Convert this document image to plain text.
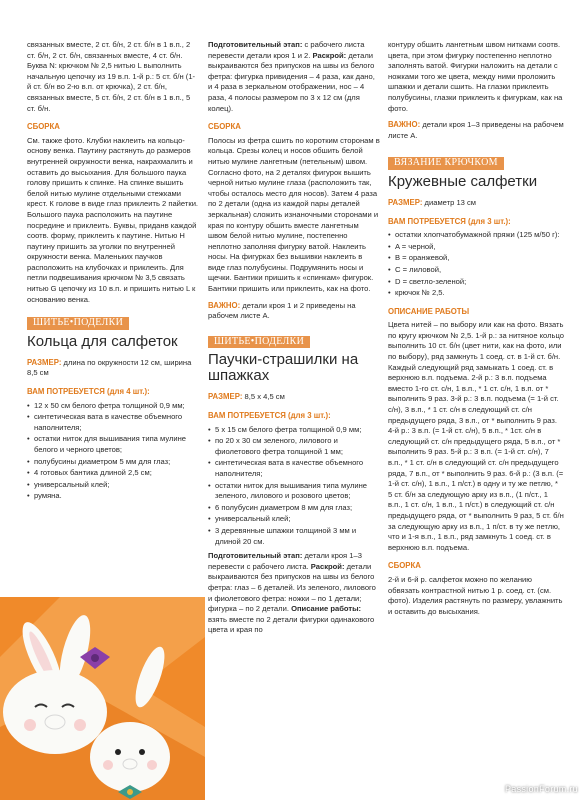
связанных вместе, 2 ст. б/н, 2 ст. б/н в 1 в.п., 2 ст. б/н, 2 ст. б/н, связанных вместе, 4 ст. б/н. Буква N: крючком № 2,5 нитью L выполнить начальную цепочку из 19 в.п. 1-й р.: 5 ст. б/н (1-й ст. б/н во 2-ю в.п. от крючка), 2 ст. б/н, связанных вместе, 5 ст. б/н, 2 ст. б/н в 1 в.п., 5 ст. б/н.

СБОРКА

См. также фото. Клубки наклеить на кольцо-основу венка. Паутину растянуть до размеров внутренней окружности венка, накрахмалить и оставить до высыхания. Для большого паука голову пришить к спинке. На спинке вышить белой нитью мулине отдельными стежками крест. К голове в виде глаз приклеить 2 пайетки. Большого паука расположить на паутине посредине и приклеить. Буквы, приданв каждой соотв. форму, приклеить к паутине. Нитью H паутину пришить за уголки по внутренней окружности венка. Маленьких паучков расположить на клубочках и приклеить. Для петли подвешивания крючком № 3,5 связать нитью G цепочку из 10 в.п. и пришить нитью L к основанию венка.

ШИТЬЕ•ПОДЕЛКИ
Кольца для салфеток

РАЗМЕР: длина по окружности 12 см, ширина 8,5 см

ВАМ ПОТРЕБУЕТСЯ (для 4 шт.):
• 12 x 50 см белого фетра толщиной 0,9 мм;
• синтетическая вата в качестве объемного наполнителя;
• остатки ниток для вышивания типа мулине белого и черного цветов;
• полубусины диаметром 5 мм для глаз;
• 4 готовых бантика длиной 2,5 см;
• универсальный клей;
• румяна.

Подготовительный этап: с рабочего листа перевести детали кроя 1 и 2. Раскрой: детали выкраиваются без припусков на швы из белого фетра: фигурка привидения – 4 раза, как дано, и 4 раза в зеркальном отображении, нос – 4 раза, 4 полосы размером по 3 x 12 см (для колец).

СБОРКА

Полосы из фетра сшить по коротким сторонам в кольца. Срезы колец и носов обшить белой нитью мулине лангетным (петельным) швом. Согласно фото, на 2 деталях фигурок вышить черной нитью мулине глаза (расположить так, чтобы осталось место для носов). Затем 4 раза по 2 детали (одна из каждой пары деталей зеркальная) сложить изнаночными сторонами и края по контуру обшить вместе лангетным швом белой нитью мулине, постепенно неплотно заполняя фигурку ватой. Наклеить носы. На фигурках без вышивки наклеить в виде глаз полубусины. Подрумянить носы и щечки. Бантики пришить к «спинкам» фигурок. Бантики пришить или приклеить, как на фото.

ВАЖНО: детали кроя 1 и 2 приведены на рабочем листе А.

ШИТЬЕ•ПОДЕЛКИ
Паучки-страшилки на шпажках

РАЗМЕР: 8,5 x 4,5 см

ВАМ ПОТРЕБУЕТСЯ (для 3 шт.):
• 5 x 15 см белого фетра толщиной 0,9 мм;
• по 20 x 30 см зеленого, лилового и фиолетового фетра толщиной 1 мм;
• синтетическая вата в качестве объемного наполнителя;
• остатки ниток для вышивания типа мулине зеленого, лилового и розового цветов;
• 6 полубусин диаметром 8 мм для глаз;
• универсальный клей;
• 3 деревянные шпажки толщиной 3 мм и длиной 20 см.

Подготовительный этап: детали кроя 1–3 перевести с рабочего листа. Раскрой: детали выкраиваются без припусков на швы из белого фетра: глаз – 6 деталей. Из зеленого, лилового и фиолетового фетра: ножки – по 1 детали; фигурка – по 2 детали. Описание работы: взять вместе по 2 детали фигурки одинакового цвета и края по

контуру обшить лангетным швом нитками соотв. цвета, при этом фигурку постепенно неплотно заполнять ватой. Фигурки наложить на детали с ножками того же цвета, между ними проложить шпажки и детали сшить. На глазки приклеить полубусины, глазки приклеить к фигуркам, как на фото.

ВАЖНО: детали кроя 1–3 приведены на рабочем листе А.

ВЯЗАНИЕ КРЮЧКОМ
Кружевные салфетки

РАЗМЕР: диаметр 13 см

ВАМ ПОТРЕБУЕТСЯ (для 3 шт.):
• остатки хлопчатобумажной пряжи (125 м/50 г):
• A = черной,
• B = оранжевой,
• C = лиловой,
• D = светло-зеленой;
• крючок № 2,5.
ОПИСАНИЕ РАБОТЫ

Цвета нитей – по выбору или как на фото. Вязать по кругу крючком № 2,5. 1-й р.: за нитяное кольцо выполнить 10 ст. б/н (цвет нити, как на фото, или по выбору), ряд замкнуть 1 соед. ст. в 1-й ст. б/н. Каждый следующий ряд замыкать 1 соед. ст. в верхнюю в.п. подъема. 2-й р.: 3 в.п. подъема вместо 1-го ст. с/н, 1 в.п., * 1 ст. с/н, 1 в.п. от * выполнить 9 раз. 3-й р.: 3 в.п. подъема (= 1-й ст. с/н), 3 в.п., * 1 ст. с/н в следующий ст. с/н предыдущего ряда, 3 в.п., от * выполнить 9 раз. 4-й р.: 3 в.п. (= 1-й ст. с/н), 5 в.п., * 1ст. с/н в следующий ст. с/н предыдущего ряда, 5 в.п., от * выполнить 9 раз. 5-й р.: 3 в.п. (= 1-й ст. с/н), 7 в.п., * 1 ст. с/н в следующий ст. с/н предыдущего ряда, 7 в.п., от * выполнить 9 раз. 6-й р.: (3 в.п. (= 1-й ст. с/н), 1 в.п., 1 п/ст.) в одну и ту же петлю, * 5 ст. б/н за следующую арку из в.п., (1 п/ст., 1 в.п., 1 ст. с/н, 1 в.п., 1 п/ст.) в следующий ст. с/н предыдущего ряда, от * выполнить 9 раз, 5 ст. б/н за следующую арку из в.п., 1 п/ст. в ту же петлю, что и 1-я в.п., 1 в.п., ряд замкнуть 1 соед. ст. в верхнюю в.п. подъема.

СБОРКА

2-й и 6-й р. салфеток можно по желанию обвязать контрастной нитью 1 р. соед. ст. (см. фото). Изделия растянуть по размеру, увлажнить и оставить до высыхания.

PassionForum.ru
